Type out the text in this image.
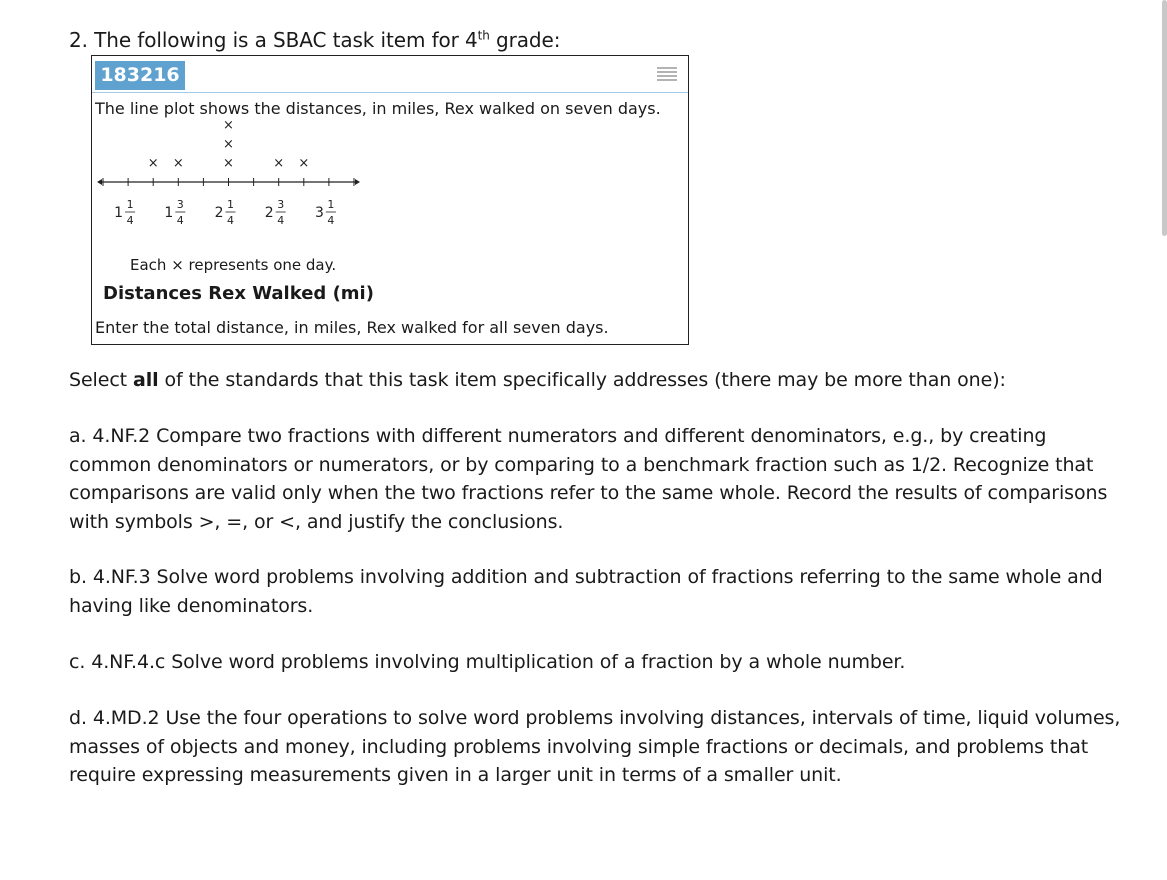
2. The following is a SBAC task item for 4th grade:
183216
The line plot shows the distances, in miles, Rex walked on seven days.
1
1
4 1
3
4 2
1
4 2
3
4 3
1
4
× ×	×
×
×
× ×
Each × represents one day.
Distances Rex Walked (mi)
Enter the total distance, in miles, Rex walked for all seven days.

Select all of the standards that this task item specifically addresses (there may be more than one):

a. 4.NF.2 Compare two fractions with different numerators and different denominators, e.g., by creating common denominators or numerators, or by comparing to a benchmark fraction such as 1/2. Recognize that comparisons are valid only when the two fractions refer to the same whole. Record the results of comparisons with symbols >, =, or <, and justify the conclusions.

b. 4.NF.3 Solve word problems involving addition and subtraction of fractions referring to the same whole and having like denominators.

c. 4.NF.4.c Solve word problems involving multiplication of a fraction by a whole number.

d. 4.MD.2 Use the four operations to solve word problems involving distances, intervals of time, liquid volumes, masses of objects and money, including problems involving simple fractions or decimals, and problems that require expressing measurements given in a larger unit in terms of a smaller unit.
